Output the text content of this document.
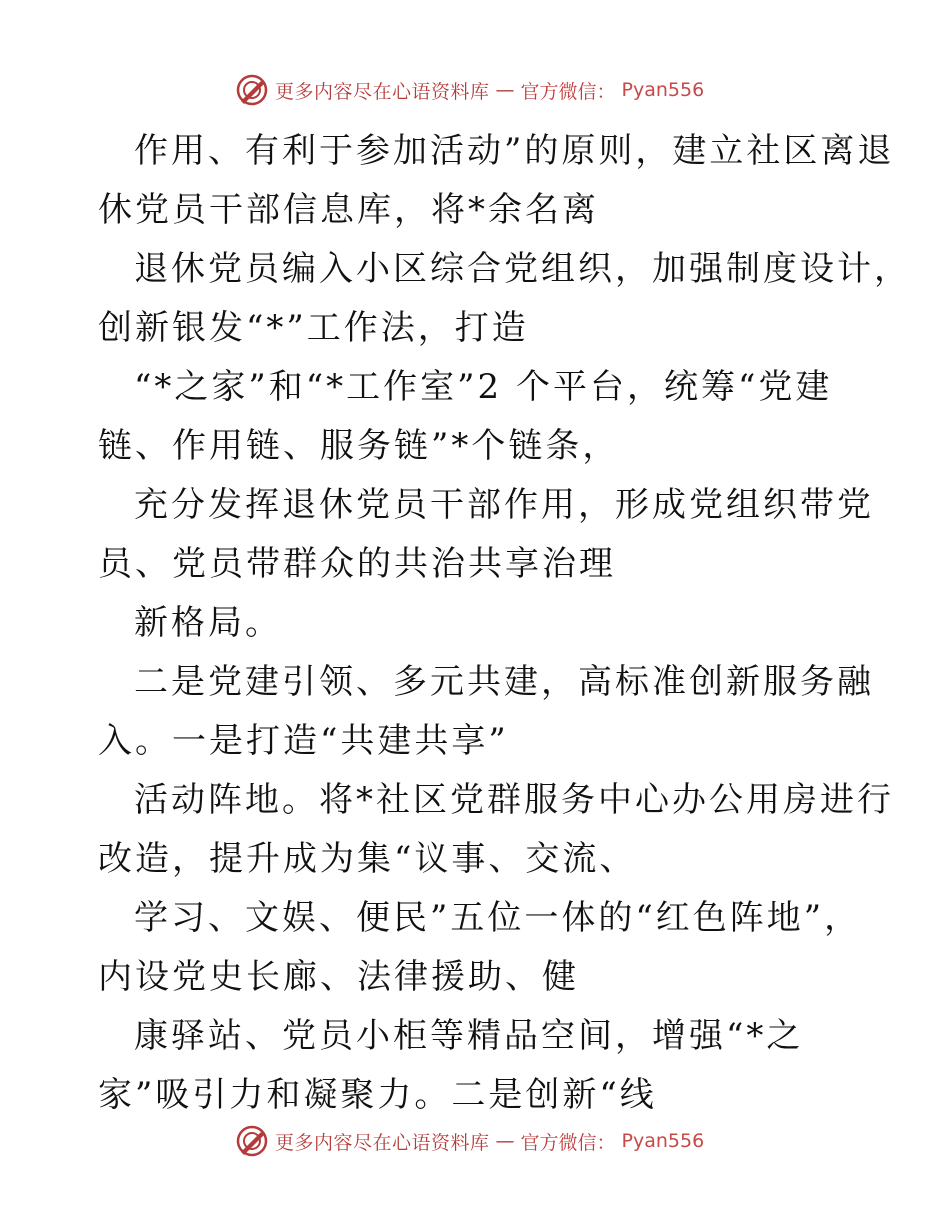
更多内容尽在心语资料库 — 官方微信： Pyan556
作用、有利于参加活动”的原则，建立社区离退
休党员干部信息库，将*余名离
退休党员编入小区综合党组织，加强制度设计，
创新银发“*”工作法，打造
“*之家”和“*工作室”2 个平台，统筹“党建
链、作用链、服务链”*个链条，
充分发挥退休党员干部作用，形成党组织带党
员、党员带群众的共治共享治理
新格局。
二是党建引领、多元共建，高标准创新服务融
入。一是打造“共建共享”
活动阵地。将*社区党群服务中心办公用房进行
改造，提升成为集“议事、交流、
学习、文娱、便民”五位一体的“红色阵地”，
内设党史长廊、法律援助、健
康驿站、党员小柜等精品空间，增强“*之
家”吸引力和凝聚力。二是创新“线
更多内容尽在心语资料库 — 官方微信： Pyan556
